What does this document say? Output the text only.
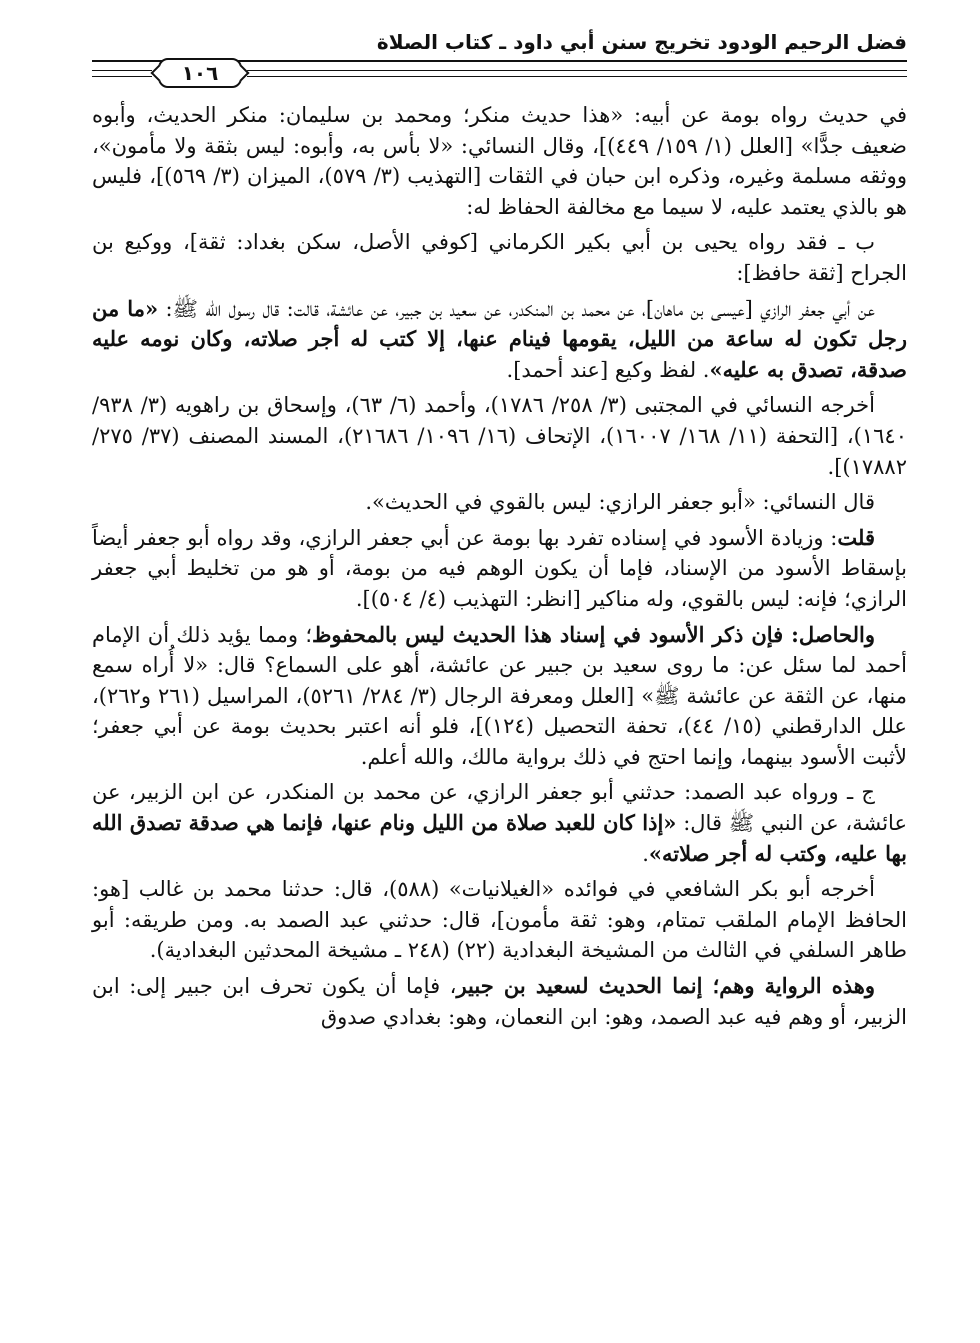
فضل الرحيم الودود تخريج سنن أبي داود ـ كتاب الصلاة
١٠٦

في حديث رواه بومة عن أبيه: «هذا حديث منكر؛ ومحمد بن سليمان: منكر الحديث، وأبوه ضعيف جدًّا» [العلل (١/ ١٥٩/ ٤٤٩)]، وقال النسائي: «لا بأس به، وأبوه: ليس بثقة ولا مأمون»، ووثقه مسلمة وغيره، وذكره ابن حبان في الثقات [التهذيب (٣/ ٥٧٩)، الميزان (٣/ ٥٦٩)]، فليس هو بالذي يعتمد عليه، لا سيما مع مخالفة الحفاظ له:

ب ـ فقد رواه يحيى بن أبي بكير الكرماني [كوفي الأصل، سكن بغداد: ثقة]، ووكيع بن الجراح [ثقة حافظ]:

عن أبي جعفر الرازي [عيسى بن ماهان]، عن محمد بن المنكدر، عن سعيد بن جبير، عن عائشة، قالت: قال رسول الله ﷺ: «ما من رجل تكون له ساعة من الليل، يقومها فينام عنها، إلا كتب له أجر صلاته، وكان نومه عليه صدقة، تصدق به عليه». لفظ وكيع [عند أحمد].

أخرجه النسائي في المجتبى (٣/ ٢٥٨/ ١٧٨٦)، وأحمد (٦/ ٦٣)، وإسحاق بن راهويه (٣/ ٩٣٨/ ١٦٤٠)، [التحفة (١١/ ١٦٨/ ١٦٠٠٧)، الإتحاف (١٦/ ١٠٩٦/ ٢١٦٨٦)، المسند المصنف (٣٧/ ٢٧٥/ ١٧٨٨٢)].

قال النسائي: «أبو جعفر الرازي: ليس بالقوي في الحديث».

قلت: وزيادة الأسود في إسناده تفرد بها بومة عن أبي جعفر الرازي، وقد رواه أبو جعفر أيضاً بإسقاط الأسود من الإسناد، فإما أن يكون الوهم فيه من بومة، أو هو من تخليط أبي جعفر الرازي؛ فإنه: ليس بالقوي، وله مناكير [انظر: التهذيب (٤/ ٥٠٤)].

والحاصل: فإن ذكر الأسود في إسناد هذا الحديث ليس بالمحفوظ؛ ومما يؤيد ذلك أن الإمام أحمد لما سئل عن: ما روى سعيد بن جبير عن عائشة، أهو على السماع؟ قال: «لا أُراه سمع منها، عن الثقة عن عائشة ﷺ» [العلل ومعرفة الرجال (٣/ ٢٨٤/ ٥٢٦١)، المراسيل (٢٦١ و٢٦٢)، علل الدارقطني (١٥/ ٤٤)، تحفة التحصيل (١٢٤)]، فلو أنه اعتبر بحديث بومة عن أبي جعفر؛ لأثبت الأسود بينهما، وإنما احتج في ذلك برواية مالك، والله أعلم.

ج ـ ورواه عبد الصمد: حدثني أبو جعفر الرازي، عن محمد بن المنكدر، عن ابن الزبير، عن عائشة، عن النبي ﷺ قال: «إذا كان للعبد صلاة من الليل ونام عنها، فإنما هي صدقة تصدق الله بها عليه، وكتب له أجر صلاته».

أخرجه أبو بكر الشافعي في فوائده «الغيلانيات» (٥٨٨)، قال: حدثنا محمد بن غالب [هو: الحافظ الإمام الملقب تمتام، وهو: ثقة مأمون]، قال: حدثني عبد الصمد به. ومن طريقه: أبو طاهر السلفي في الثالث من المشيخة البغدادية (٢٢) (٢٤٨ ـ مشيخة المحدثين البغدادية).

وهذه الرواية وهم؛ إنما الحديث لسعيد بن جبير، فإما أن يكون تحرف ابن جبير إلى: ابن الزبير، أو وهم فيه عبد الصمد، وهو: ابن النعمان، وهو: بغدادي صدوق
